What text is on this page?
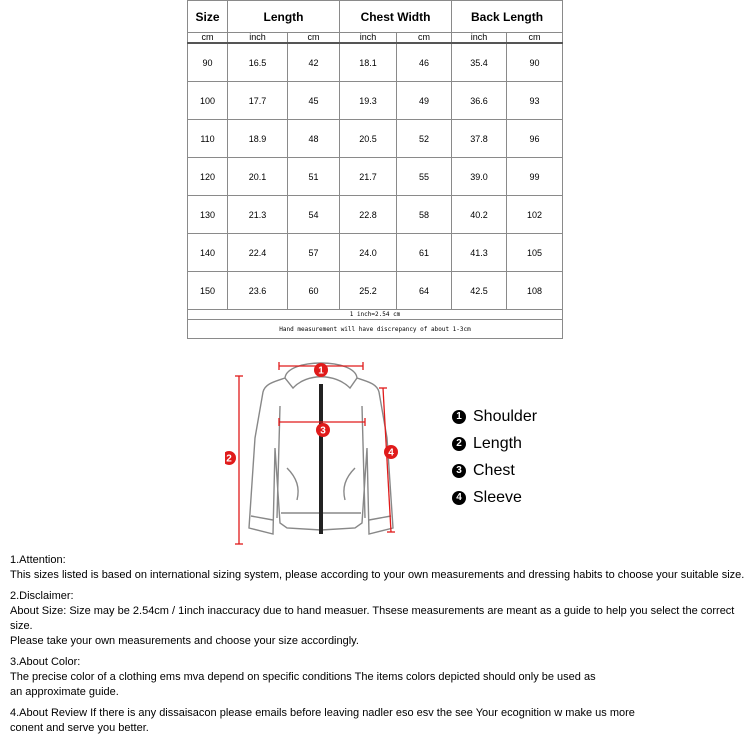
Size	Length		Chest Width		Back Length	
cm	inch	cm	inch	cm	inch	cm
90	16.5	42	18.1	46	35.4	90
100	17.7	45	19.3	49	36.6	93
110	18.9	48	20.5	52	37.8	96
120	20.1	51	21.7	55	39.0	99
130	21.3	54	22.8	58	40.2	102
140	22.4	57	24.0	61	41.3	105
150	23.6	60	25.2	64	42.5	108
1 inch=2.54 cm						
Hand measurement will have discrepancy of about 1-3cm						
1
2
3
4
1 Shoulder
2 Length
3 Chest
4 Sleeve

1.Attention:

This sizes listed is based on international sizing system, please according to your own measurements and dressing habits to choose your suitable size.

2.Disclaimer:

About Size: Size may be 2.54cm / 1inch inaccuracy due to hand measuer. Thsese measurements are meant as a guide to help you select the correct size.

Please take your own measurements and choose your size accordingly.

3.About Color:

The precise color of a clothing ems mva depend on specific conditions The items colors depicted should only be used as

an approximate guide.

4.About Review If there is any dissaisacon please emails before leaving nadler eso esv the see Your ecognition w make us more

conent and serve you better.
